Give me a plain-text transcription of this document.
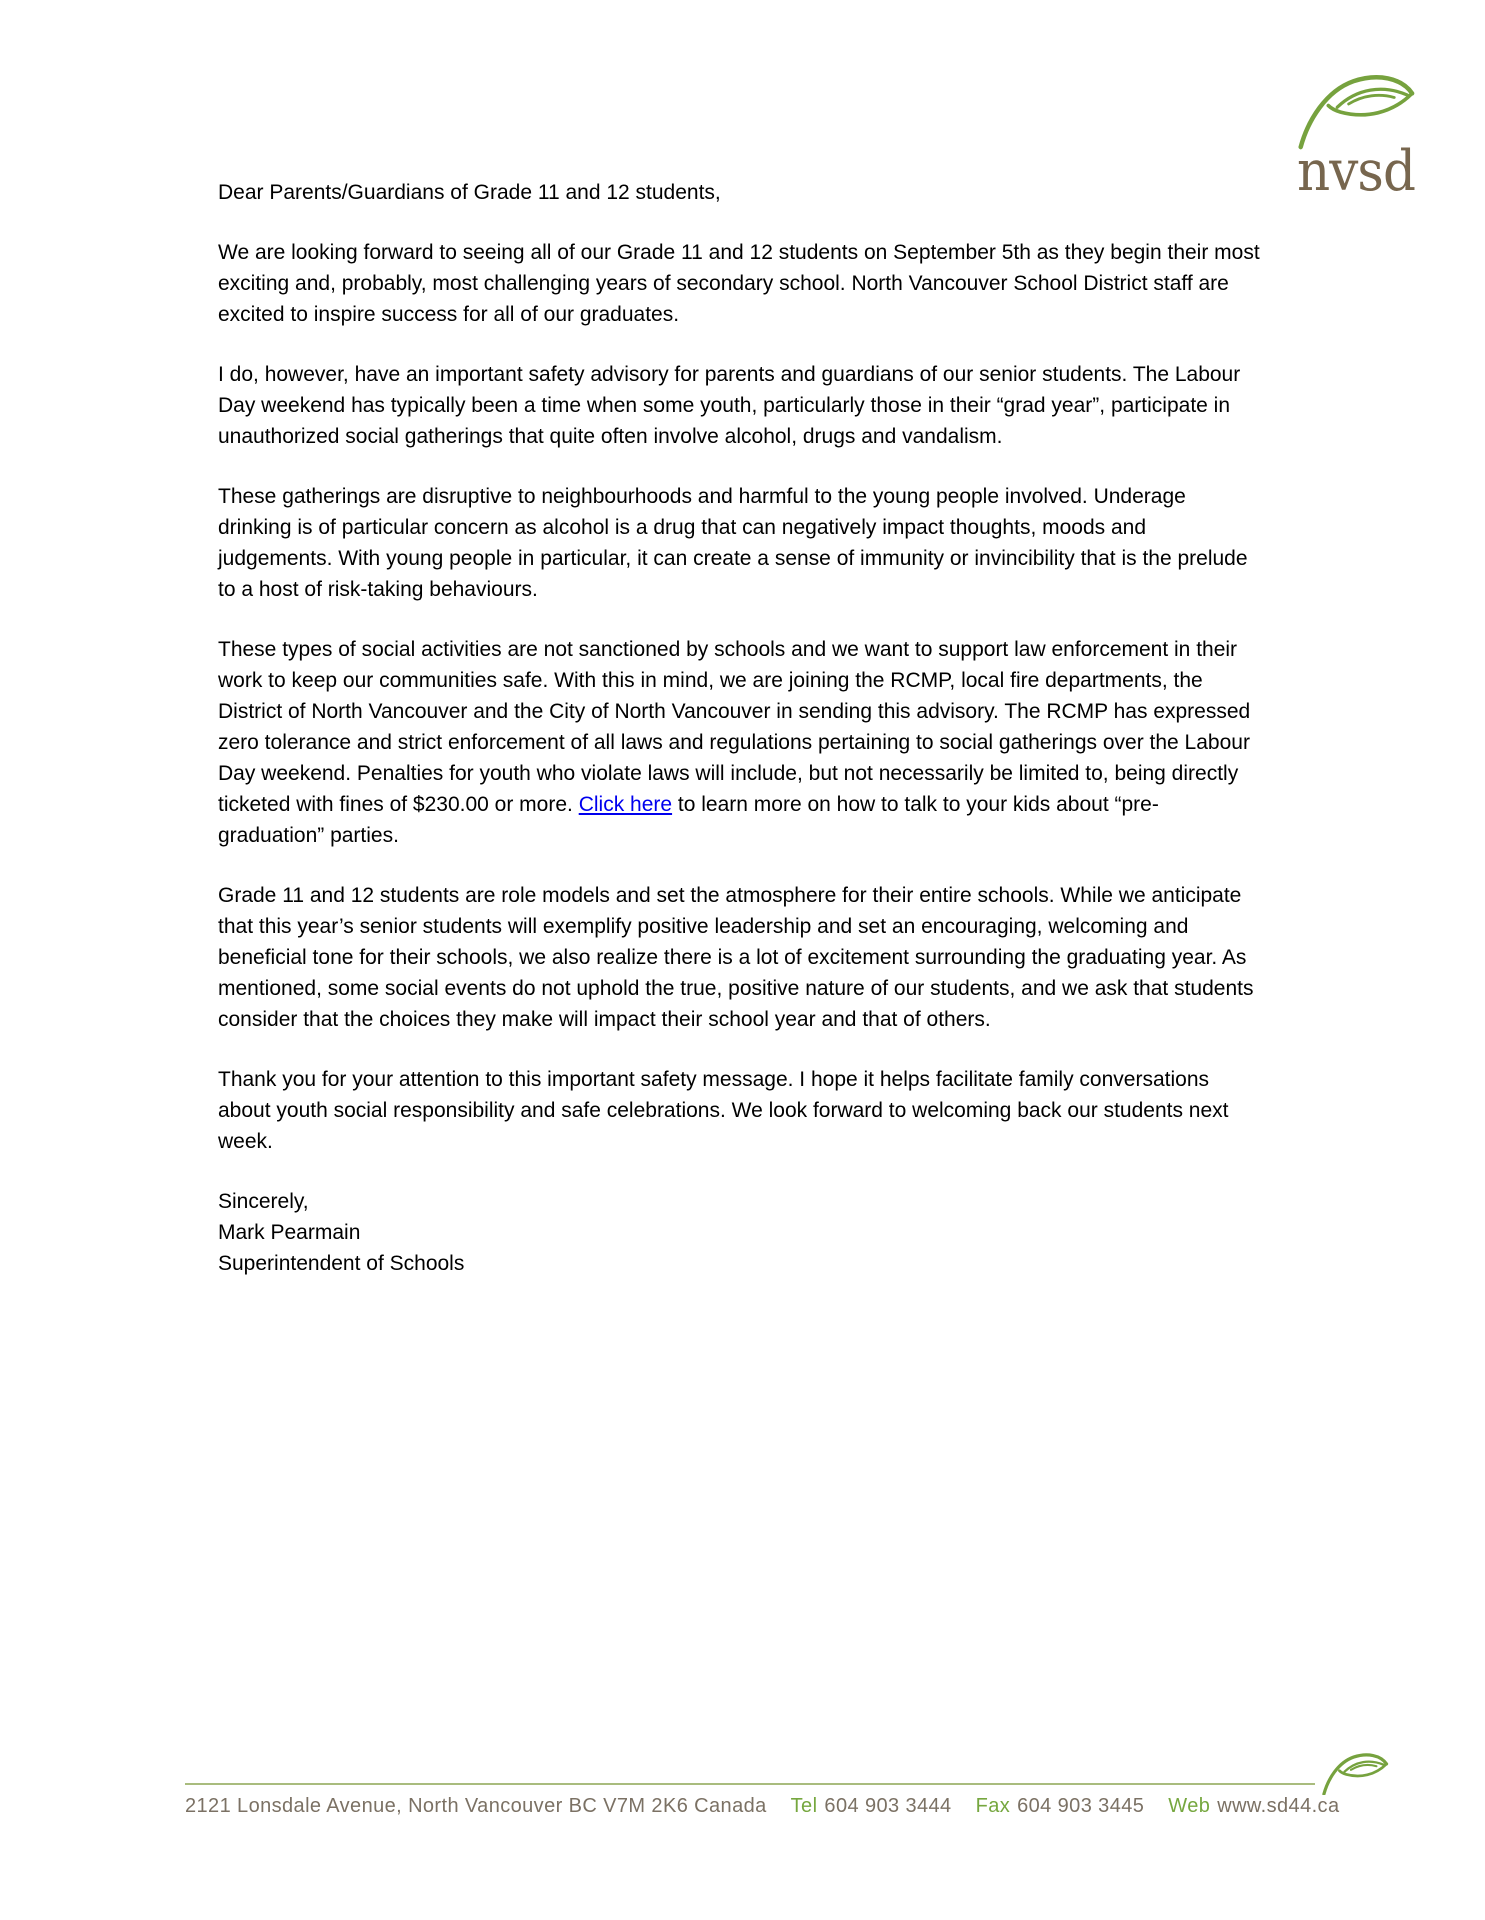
nvsd

Dear Parents/Guardians of Grade 11 and 12 students,

We are looking forward to seeing all of our Grade 11 and 12 students on September 5th as they begin their most exciting and, probably, most challenging years of secondary school. North Vancouver School District staff are excited to inspire success for all of our graduates.

I do, however, have an important safety advisory for parents and guardians of our senior students. The Labour Day weekend has typically been a time when some youth, particularly those in their “grad year”, participate in unauthorized social gatherings that quite often involve alcohol, drugs and vandalism.

These gatherings are disruptive to neighbourhoods and harmful to the young people involved. Underage drinking is of particular concern as alcohol is a drug that can negatively impact thoughts, moods and judgements. With young people in particular, it can create a sense of immunity or invincibility that is the prelude to a host of risk-taking behaviours.

These types of social activities are not sanctioned by schools and we want to support law enforcement in their work to keep our communities safe. With this in mind, we are joining the RCMP, local fire departments, the District of North Vancouver and the City of North Vancouver in sending this advisory. The RCMP has expressed zero tolerance and strict enforcement of all laws and regulations pertaining to social gatherings over the Labour Day weekend. Penalties for youth who violate laws will include, but not necessarily be limited to, being directly ticketed with fines of $230.00 or more. Click here to learn more on how to talk to your kids about “pre-graduation” parties.

Grade 11 and 12 students are role models and set the atmosphere for their entire schools. While we anticipate that this year’s senior students will exemplify positive leadership and set an encouraging, welcoming and beneficial tone for their schools, we also realize there is a lot of excitement surrounding the graduating year. As mentioned, some social events do not uphold the true, positive nature of our students, and we ask that students consider that the choices they make will impact their school year and that of others.

Thank you for your attention to this important safety message. I hope it helps facilitate family conversations about youth social responsibility and safe celebrations. We look forward to welcoming back our students next week.

Sincerely,
Mark Pearmain
Superintendent of Schools
2121 Lonsdale Avenue, North Vancouver BC V7M 2K6 Canada Tel 604 903 3444 Fax 604 903 3445 Web www.sd44.ca
